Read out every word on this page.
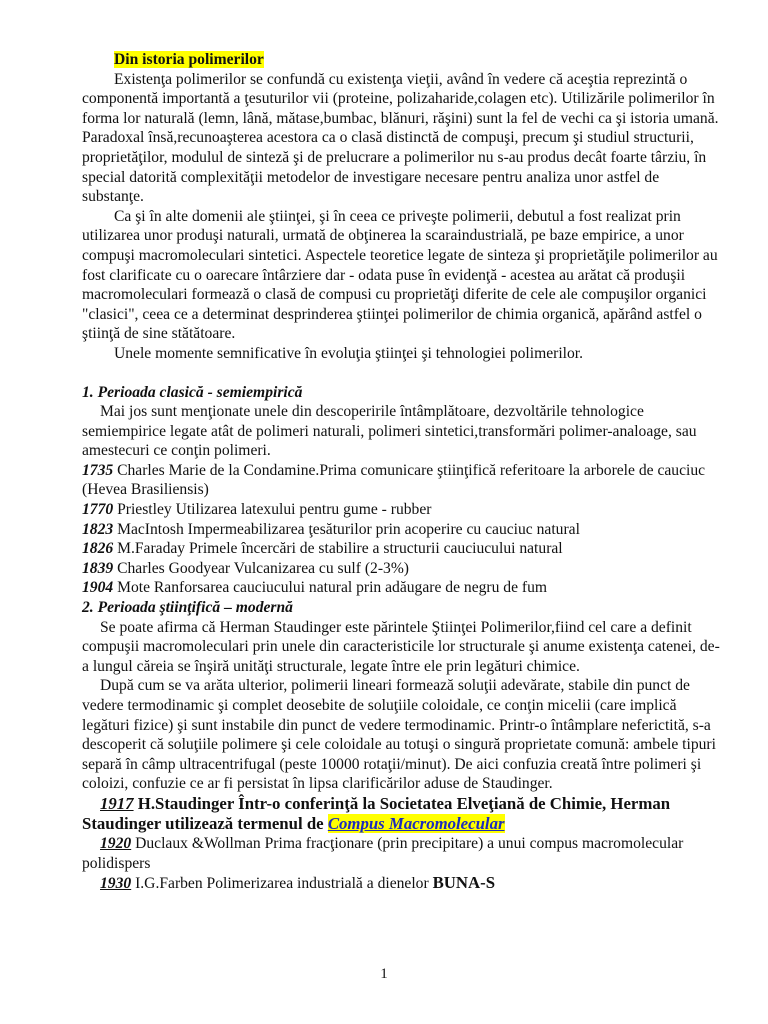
Din istoria polimerilor

Existenţa polimerilor se confundă cu existenţa vieţii, având în vedere că aceştia reprezintă o componentă importantă a ţesuturilor vii (proteine, polizaharide,colagen etc). Utilizările polimerilor în forma lor naturală (lemn, lână, mătase,bumbac, blănuri, răşini) sunt la fel de vechi ca şi istoria umană. Paradoxal însă,recunoaşterea acestora ca o clasă distinctă de compuşi, precum şi studiul structurii, proprietăţilor, modulul de sinteză şi de prelucrare a polimerilor nu s-au produs decât foarte târziu, în special datorită complexităţii metodelor de investigare necesare pentru analiza unor astfel de substanţe.

Ca şi în alte domenii ale ştiinţei, şi în ceea ce priveşte polimerii, debutul a fost realizat prin utilizarea unor produşi naturali, urmată de obţinerea la scaraindustrială, pe baze empirice, a unor compuşi macromoleculari sintetici. Aspectele teoretice legate de sinteza şi proprietăţile polimerilor au fost clarificate cu o oarecare întârziere dar - odata puse în evidenţă - acestea au arătat că produşii macromoleculari formează o clasă de compusi cu proprietăţi diferite de cele ale compuşilor organici "clasici", ceea ce a determinat desprinderea ştiinţei polimerilor de chimia organică, apărând astfel o ştiinţă de sine stătătoare.

Unele momente semnificative în evoluţia ştiinţei şi tehnologiei polimerilor.

1. Perioada clasică - semiempirică

Mai jos sunt menţionate unele din descoperirile întâmplătoare, dezvoltările tehnologice semiempirice legate atât de polimeri naturali, polimeri sintetici,transformări polimer-analoage, sau amestecuri ce conţin polimeri.

1735 Charles Marie de la Condamine.Prima comunicare ştiinţifică referitoare la arborele de cauciuc (Hevea Brasiliensis)

1770 Priestley Utilizarea latexului pentru gume - rubber

1823 MacIntosh Impermeabilizarea ţesăturilor prin acoperire cu cauciuc natural

1826 M.Faraday Primele încercări de stabilire a structurii cauciucului natural

1839 Charles Goodyear Vulcanizarea cu sulf (2-3%)

1904 Mote Ranforsarea cauciucului natural prin adăugare de negru de fum

2. Perioada ştiinţifică – modernă

Se poate afirma că Herman Staudinger este părintele Ştiinţei Polimerilor,fiind cel care a definit compuşii macromoleculari prin unele din caracteristicile lor structurale şi anume existenţa catenei, de-a lungul căreia se înşiră unităţi structurale, legate între ele prin legături chimice.

După cum se va arăta ulterior, polimerii lineari formează soluţii adevărate, stabile din punct de vedere termodinamic şi complet deosebite de soluţiile coloidale, ce conţin micelii (care implică legături fizice) şi sunt instabile din punct de vedere termodinamic. Printr-o întâmplare neferictită, s-a descoperit că soluţiile polimere şi cele coloidale au totuşi o singură proprietate comună: ambele tipuri separă în câmp ultracentrifugal (peste 10000 rotaţii/minut). De aici confuzia creată între polimeri şi coloizi, confuzie ce ar fi persistat în lipsa clarificărilor aduse de Staudinger.

1917 H.Staudinger Într-o conferinţă la Societatea Elveţiană de Chimie, Herman Staudinger utilizează termenul de Compus Macromolecular

1920 Duclaux &Wollman Prima fracţionare (prin precipitare) a unui compus macromolecular polidispers

1930 I.G.Farben Polimerizarea industrială a dienelor BUNA-S

1
